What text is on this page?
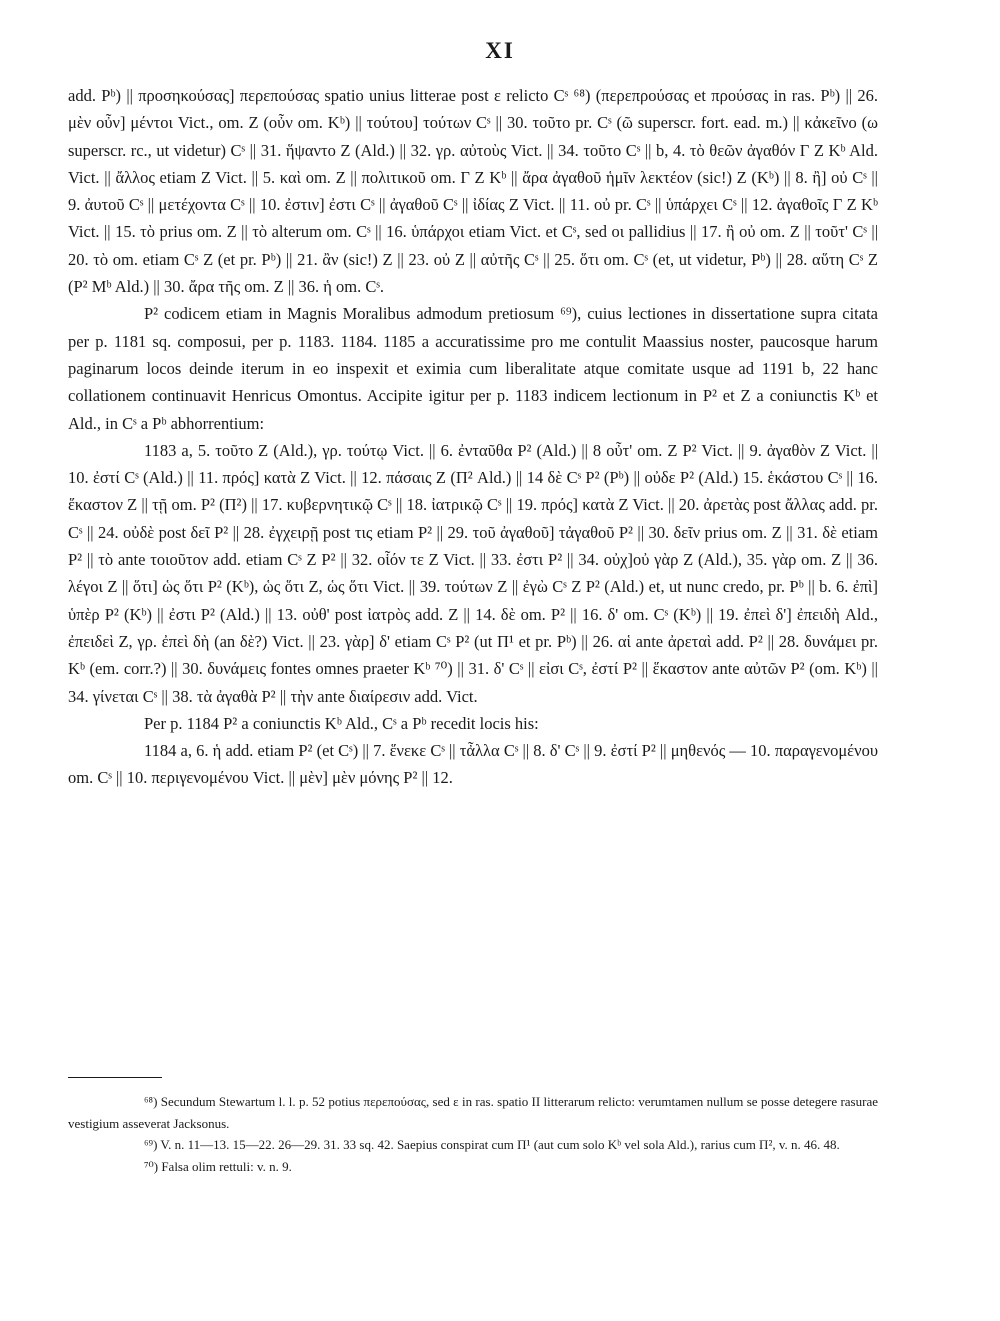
XI

add. Pᵇ) || προσηκούσας] περεπούσας spatio unius litterae post ε relicto Cˢ ⁶⁸) (περεπρούσας et προύσας in ras. Pᵇ) || 26. μὲν οὖν] μέντοι Vict., om. Z (οὖν om. Kᵇ) || τούτου] τούτων Cˢ || 30. τοῦτο pr. Cˢ (ῶ superscr. fort. ead. m.) || κἀκεῖνο (ω superscr. rc., ut videtur) Cˢ || 31. ἥψαντο Z (Ald.) || 32. γρ. αὐτοὺς Vict. || 34. τοῦτο Cˢ || b, 4. τὸ θεῶν ἀγαθόν Γ Z Kᵇ Ald. Vict. || ἄλλος etiam Z Vict. || 5. καὶ om. Z || πολιτικοῦ om. Γ Z Kᵇ || ἄρα ἀγαθοῦ ἡμῖν λεκτέον (sic!) Z (Kᵇ) || 8. ἢ] οὐ Cˢ || 9. ἀυτοῦ Cˢ || μετέχοντα Cˢ || 10. ἐστιν] ἐστι Cˢ || ἀγαθοῦ Cˢ || ἰδίας Z Vict. || 11. οὐ pr. Cˢ || ὑπάρχει Cˢ || 12. ἀγαθοῖς Γ Z Kᵇ Vict. || 15. τὸ prius om. Z || τὸ alterum om. Cˢ || 16. ὑπάρχοι etiam Vict. et Cˢ, sed οι pallidius || 17. ἢ οὐ om. Z || τοῦτ' Cˢ || 20. τὸ om. etiam Cˢ Z (et pr. Pᵇ) || 21. ἂν (sic!) Z || 23. οὐ Z || αὐτῆς Cˢ || 25. ὅτι om. Cˢ (et, ut videtur, Pᵇ) || 28. αὕτη Cˢ Z (P² Mᵇ Ald.) || 30. ἄρα τῆς om. Z || 36. ἡ om. Cˢ.

P² codicem etiam in Magnis Moralibus admodum pretiosum ⁶⁹), cuius lectiones in dissertatione supra citata per p. 1181 sq. composui, per p. 1183. 1184. 1185 a accuratissime pro me contulit Maassius noster, paucosque harum paginarum locos deinde iterum in eo inspexit et eximia cum liberalitate atque comitate usque ad 1191 b, 22 hanc collationem continuavit Henricus Omontus. Accipite igitur per p. 1183 indicem lectionum in P² et Z a coniunctis Kᵇ et Ald., in Cˢ a Pᵇ abhorrentium:

1183 a, 5. τοῦτο Z (Ald.), γρ. τούτῳ Vict. || 6. ἐνταῦθα P² (Ald.) || 8 οὖτ' om. Z P² Vict. || 9. ἀγαθὸν Z Vict. || 10. ἐστί Cˢ (Ald.) || 11. πρός] κατὰ Z Vict. || 12. πάσαις Z (Π² Ald.) || 14 δὲ Cˢ P² (Pᵇ) || οὐδε P² (Ald.) 15. ἑκάστου Cˢ || 16. ἕκαστον Z || τῇ om. P² (Π²) || 17. κυβερνητικῷ Cˢ || 18. ἰατρικῷ Cˢ || 19. πρός] κατὰ Z Vict. || 20. ἀρετὰς post ἄλλας add. pr. Cˢ || 24. οὐδὲ post δεῖ P² || 28. ἐγχειρῇ post τις etiam P² || 29. τοῦ ἀγαθοῦ] τἀγαθοῦ P² || 30. δεῖν prius om. Z || 31. δὲ etiam P² || τὸ ante τοιοῦτον add. etiam Cˢ Z P² || 32. οἷόν τε Z Vict. || 33. ἐστι P² || 34. οὐχ]οὐ γὰρ Z (Ald.), 35. γὰρ om. Z || 36. λέγοι Z || ὅτι] ὡς ὅτι P² (Kᵇ), ὡς ὅτι Z, ὡς ὅτι Vict. || 39. τούτων Z || ἐγὼ Cˢ Z P² (Ald.) et, ut nunc credo, pr. Pᵇ || b. 6. ἐπὶ] ὑπὲρ P² (Kᵇ) || ἐστι P² (Ald.) || 13. οὐθ' post ἰατρὸς add. Z || 14. δὲ om. P² || 16. δ' om. Cˢ (Kᵇ) || 19. ἐπεὶ δ'] ἐπειδὴ Ald., ἐπειδεὶ Z, γρ. ἐπεὶ δὴ (an δὲ?) Vict. || 23. γὰρ] δ' etiam Cˢ P² (ut Π¹ et pr. Pᵇ) || 26. αἱ ante ἀρεταὶ add. P² || 28. δυνάμει pr. Kᵇ (em. corr.?) || 30. δυνάμεις fontes omnes praeter Kᵇ ⁷⁰) || 31. δ' Cˢ || εἰσι Cˢ, ἐστί P² || ἕκαστον ante αὐτῶν P² (om. Kᵇ) || 34. γίνεται Cˢ || 38. τὰ ἀγαθὰ P² || τὴν ante διαίρεσιν add. Vict.

Per p. 1184 P² a coniunctis Kᵇ Ald., Cˢ a Pᵇ recedit locis his:

1184 a, 6. ἡ add. etiam P² (et Cˢ) || 7. ἕνεκε Cˢ || τἆλλα Cˢ || 8. δ' Cˢ || 9. ἐστί P² || μηθενός — 10. παραγενομένου om. Cˢ || 10. περιγενομένου Vict. || μὲν] μὲν μόνης P² || 12.

⁶⁸) Secundum Stewartum l. l. p. 52 potius περεπούσας, sed ε in ras. spatio II litterarum relicto: verumtamen nullum se posse detegere rasurae vestigium asseverat Jacksonus.

⁶⁹) V. n. 11—13. 15—22. 26—29. 31. 33 sq. 42. Saepius conspirat cum Π¹ (aut cum solo Kᵇ vel sola Ald.), rarius cum Π², v. n. 46. 48.

⁷⁰) Falsa olim rettuli: v. n. 9.
